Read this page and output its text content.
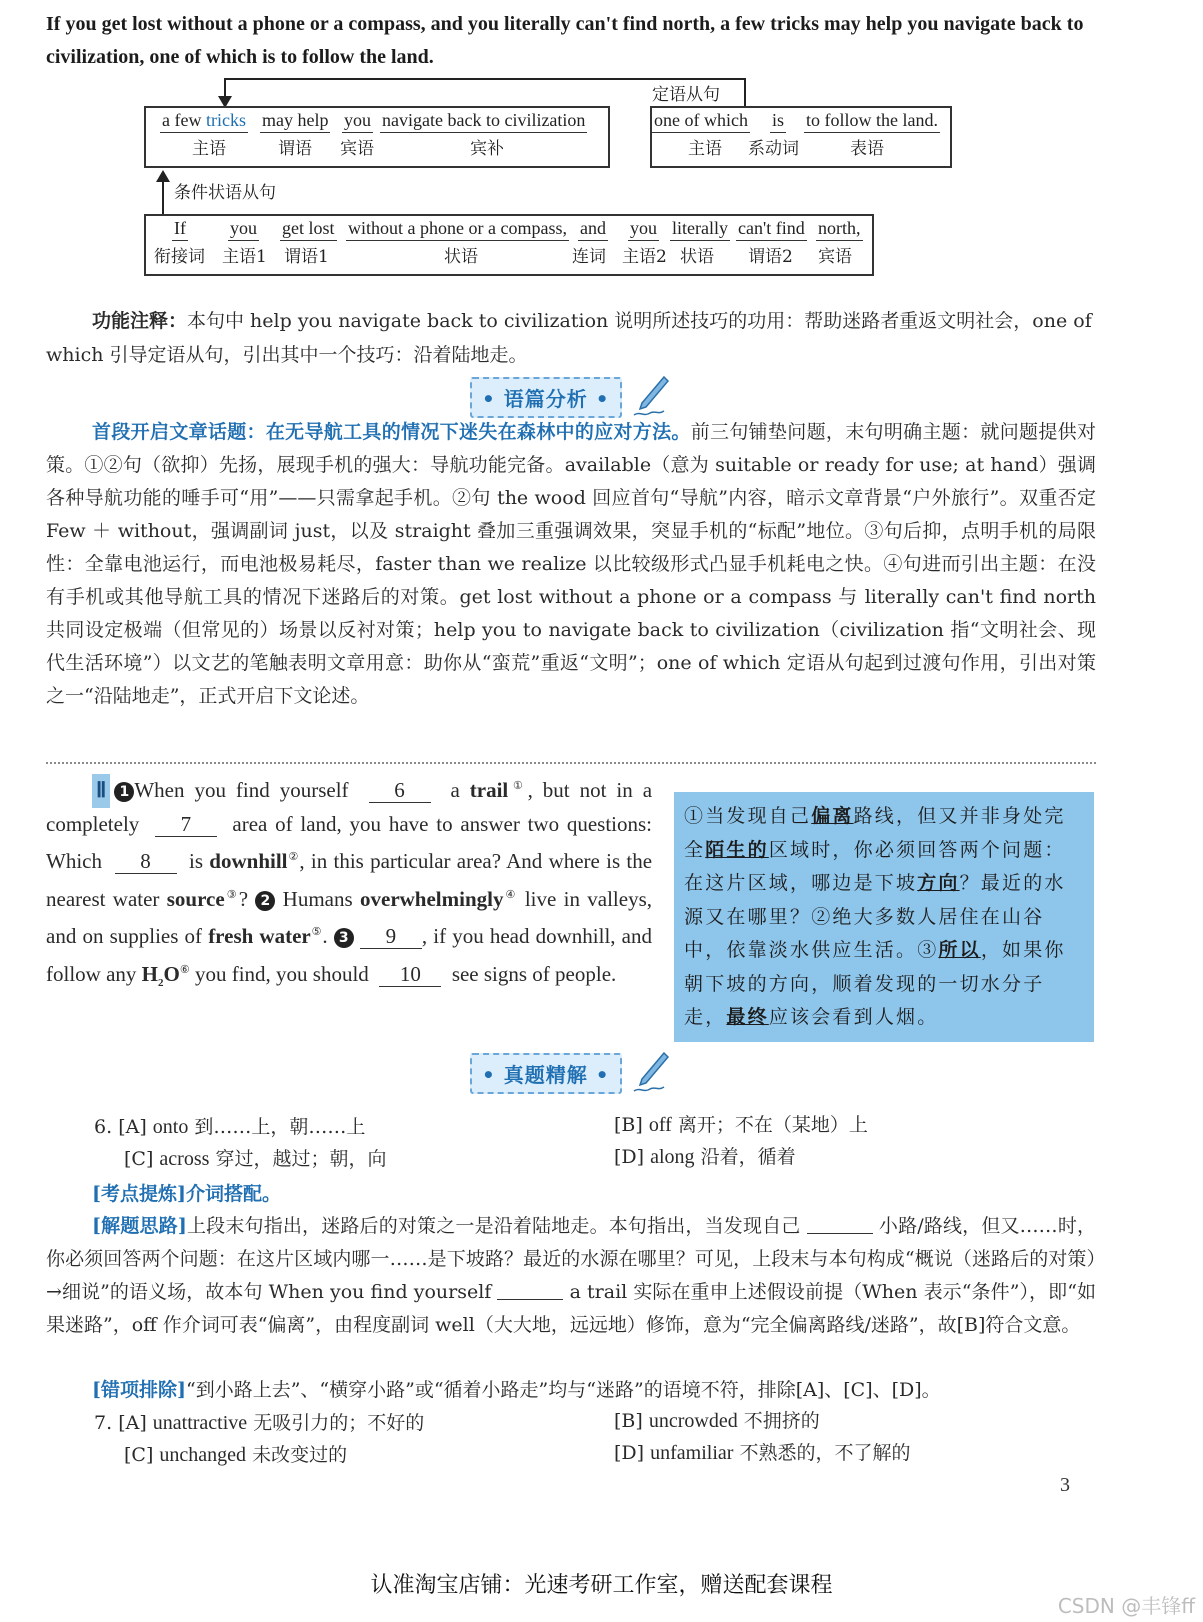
If you get lost without a phone or a compass, and you literally can't find north, a few tricks may help you navigate back to civilization, one of which is to follow the land.

定语从句
a few tricks
主语
may help
谓语
you
宾语
navigate back to civilization
宾补
one of which
主语
is
系动词
to follow the land.
表语
条件状语从句
If
衔接词
you
主语1
get lost
谓语1
without a phone or a compass,
状语
and
连词
you
主语2
literally
状语
can't find
谓语2
north,
宾语

功能注释：本句中 help you navigate back to civilization 说明所述技巧的功用：帮助迷路者重返文明社会，one of which 引导定语从句，引出其中一个技巧：沿着陆地走。

• 语篇分析 •

首段开启文章话题：在无导航工具的情况下迷失在森林中的应对方法。前三句铺垫问题，末句明确主题：就问题提供对策。①②句（欲抑）先扬，展现手机的强大：导航功能完备。available（意为 suitable or ready for use; at hand）强调各种导航功能的唾手可“用”——只需拿起手机。②句 the wood 回应首句“导航”内容，暗示文章背景“户外旅行”。双重否定 Few ＋ without，强调副词 just，以及 straight 叠加三重强调效果，突显手机的“标配”地位。③句后抑，点明手机的局限性：全靠电池运行，而电池极易耗尽，faster than we realize 以比较级形式凸显手机耗电之快。④句进而引出主题：在没有手机或其他导航工具的情况下迷路后的对策。get lost without a phone or a compass 与 literally can't find north 共同设定极端（但常见的）场景以反衬对策；help you to navigate back to civilization（civilization 指“文明社会、现代生活环境”）以文艺的笔触表明文章用意：助你从“蛮荒”重返“文明”；one of which 定语从句起到过渡句作用，引出对策之一“沿陆地走”，正式开启下文论述。

Ⅱ 1 When you find yourself 6 a trail①, but not in a completely 7 area of land, you have to answer two questions: Which 8 is downhill②, in this particular area? And where is the nearest water source③? 2 Humans overwhelmingly④ live in valleys, and on supplies of fresh water⑤. 3 9 , if you head downhill, and follow any $H_2O^⑥$ you find, you should 10 see signs of people.

①当发现自己偏离路线，但又并非身处完全陌生的区域时，你必须回答两个问题：在这片区域，哪边是下坡方向？最近的水源又在哪里？②绝大多数人居住在山谷中，依靠淡水供应生活。③所以，如果你朝下坡的方向，顺着发现的一切水分子走，最终应该会看到人烟。
• 真题精解 •
6. [A] onto 到……上，朝……上	[B] off 离开；不在（某地）上
[C] across 穿过，越过；朝，向	[D] along 沿着，循着

[考点提炼]介词搭配。

[解题思路]上段末句指出，迷路后的对策之一是沿着陆地走。本句指出，当发现自己	小路/路线，但又……时，你必须回答两个问题：在这片区域内哪一……是下坡路？最近的水源在哪里？可见，上段末与本句构成“概说（迷路后的对策）→细说”的语义场，故本句 When you find yourself	a trail 实际在重申上述假设前提（When 表示“条件”），即“如果迷路”，off 作介词可表“偏离”，由程度副词 well（大大地，远远地）修饰，意为“完全偏离路线/迷路”，故[B]符合文意。

[错项排除]“到小路上去”、“横穿小路”或“循着小路走”均与“迷路”的语境不符，排除[A]、[C]、[D]。

7. [A] unattractive 无吸引力的；不好的	[B] uncrowded 不拥挤的
[C] unchanged 未改变过的	[D] unfamiliar 不熟悉的，不了解的
3
认准淘宝店铺：光速考研工作室，赠送配套课程
CSDN @丰锋ff
